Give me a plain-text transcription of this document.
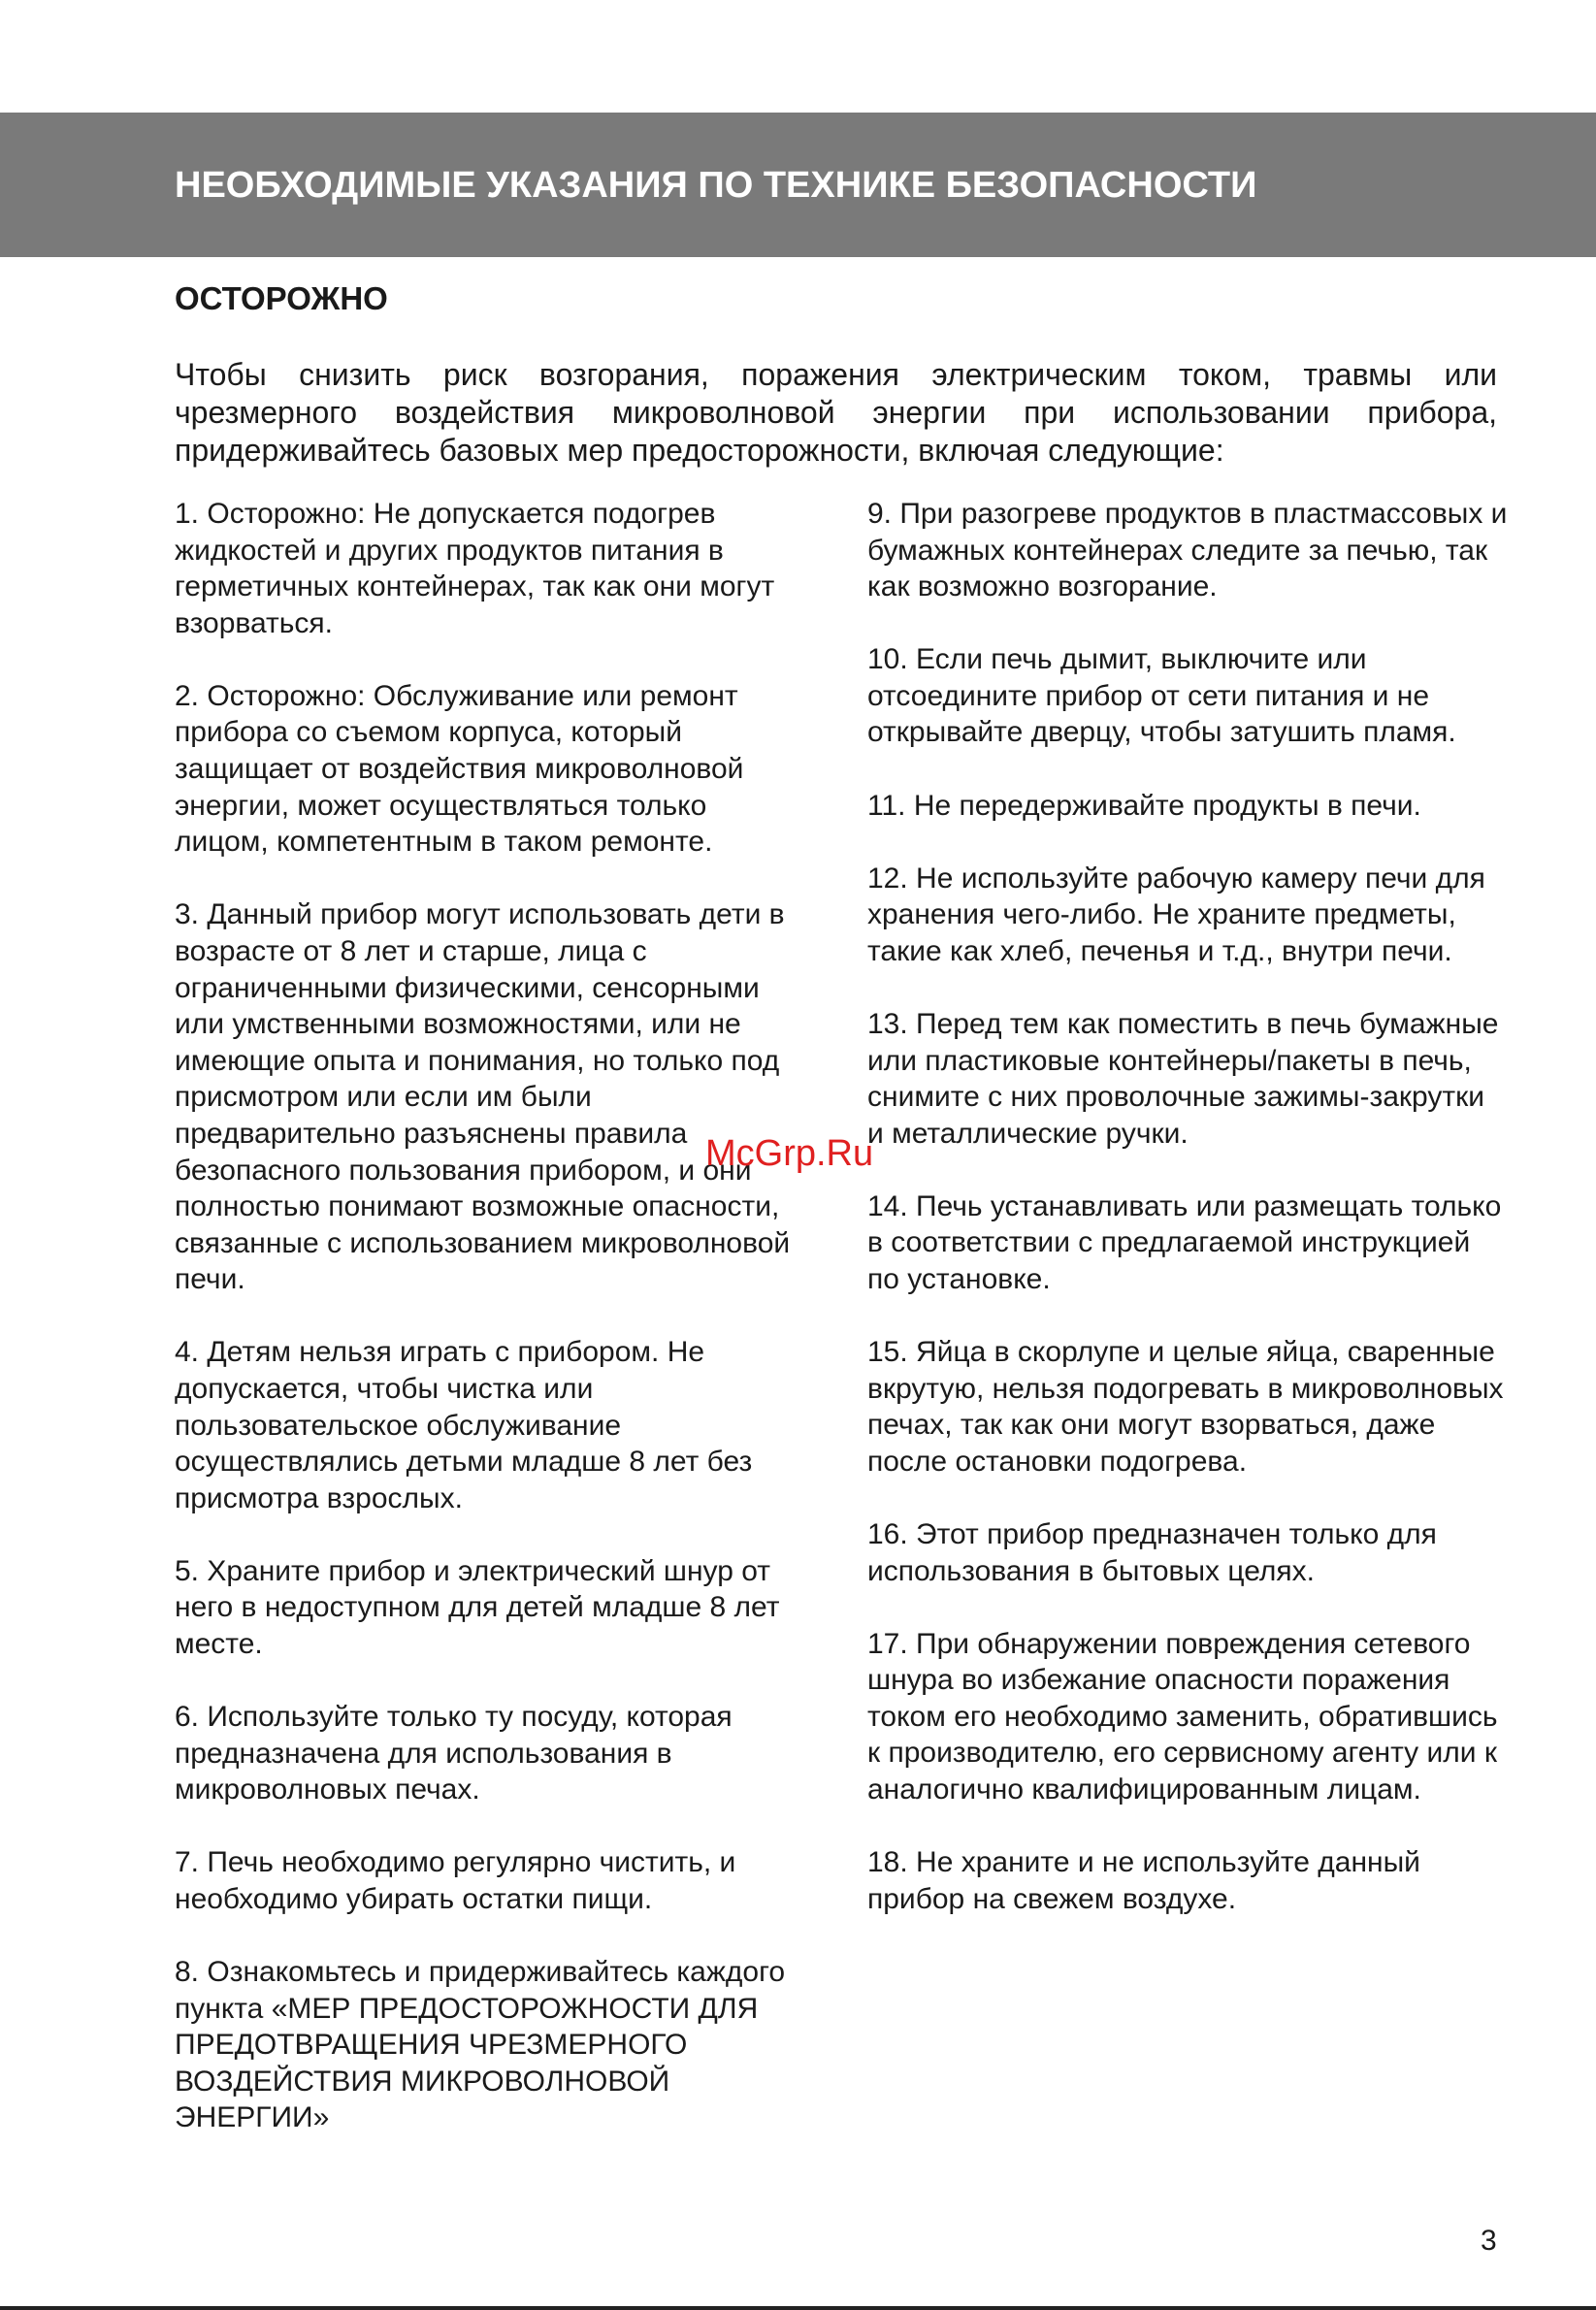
НЕОБХОДИМЫЕ УКАЗАНИЯ ПО ТЕХНИКЕ БЕЗОПАСНОСТИ
ОСТОРОЖНО

Чтобы снизить риск возгорания, поражения электрическим током, травмы или чрезмерного воздействия микроволновой энергии при использовании прибора, придерживайтесь базовых мер предосторожности, включая следующие:

1. Осторожно: Не допускается подогрев жидкостей и других продуктов питания в герметичных контейнерах, так как они могут взорваться.
2. Осторожно: Обслуживание или ремонт прибора со съемом корпуса, который защищает от воздействия микроволновой энергии, может осуществляться только лицом, компетентным в таком ремонте.
3. Данный прибор могут использовать дети в возрасте от 8 лет и старше, лица с ограниченными физическими, сенсорными или умственными возможностями, или не имеющие опыта и понимания, но только под присмотром или если им были предварительно разъяснены правила безопасного пользования прибором, и они полностью понимают возможные опасности, связанные с использованием микроволновой печи.
4. Детям нельзя играть с прибором. Не допускается, чтобы чистка или пользовательское обслуживание осуществлялись детьми младше 8 лет без присмотра взрослых.
5. Храните прибор и электрический шнур от него в недоступном для детей младше 8 лет месте.
6. Используйте только ту посуду, которая предназначена для использования в микроволновых печах.
7. Печь необходимо регулярно чистить, и необходимо убирать остатки пищи.
8. Ознакомьтесь и придерживайтесь каждого пункта «МЕР ПРЕДОСТОРОЖНОСТИ ДЛЯ ПРЕДОТВРАЩЕНИЯ ЧРЕЗМЕРНОГО ВОЗДЕЙСТВИЯ МИКРОВОЛНОВОЙ ЭНЕРГИИ»
9. При разогреве продуктов в пластмассовых и бумажных контейнерах следите за печью, так как возможно возгорание.
10. Если печь дымит, выключите или отсоедините прибор от сети питания и не открывайте дверцу, чтобы затушить пламя.
11. Не передерживайте продукты в печи.
12. Не используйте рабочую камеру печи для хранения чего-либо. Не храните предметы, такие как хлеб, печенья и т.д., внутри печи.
13. Перед тем как поместить в печь бумажные или пластиковые контейнеры/пакеты в печь, снимите с них проволочные зажимы-закрутки и металлические ручки.
14. Печь устанавливать или размещать только в соответствии с предлагаемой инструкцией по установке.
15. Яйца в скорлупе и целые яйца, сваренные вкрутую, нельзя подогревать в микроволновых печах, так как они могут взорваться, даже после остановки подогрева.
16. Этот прибор предназначен только для использования в бытовых целях.
17. При обнаружении повреждения сетевого шнура во избежание опасности поражения током его необходимо заменить, обратившись к производителю, его сервисному агенту или к аналогично квалифицированным лицам.
18. Не храните и не используйте данный прибор на свежем воздухе.
McGrp.Ru
3
